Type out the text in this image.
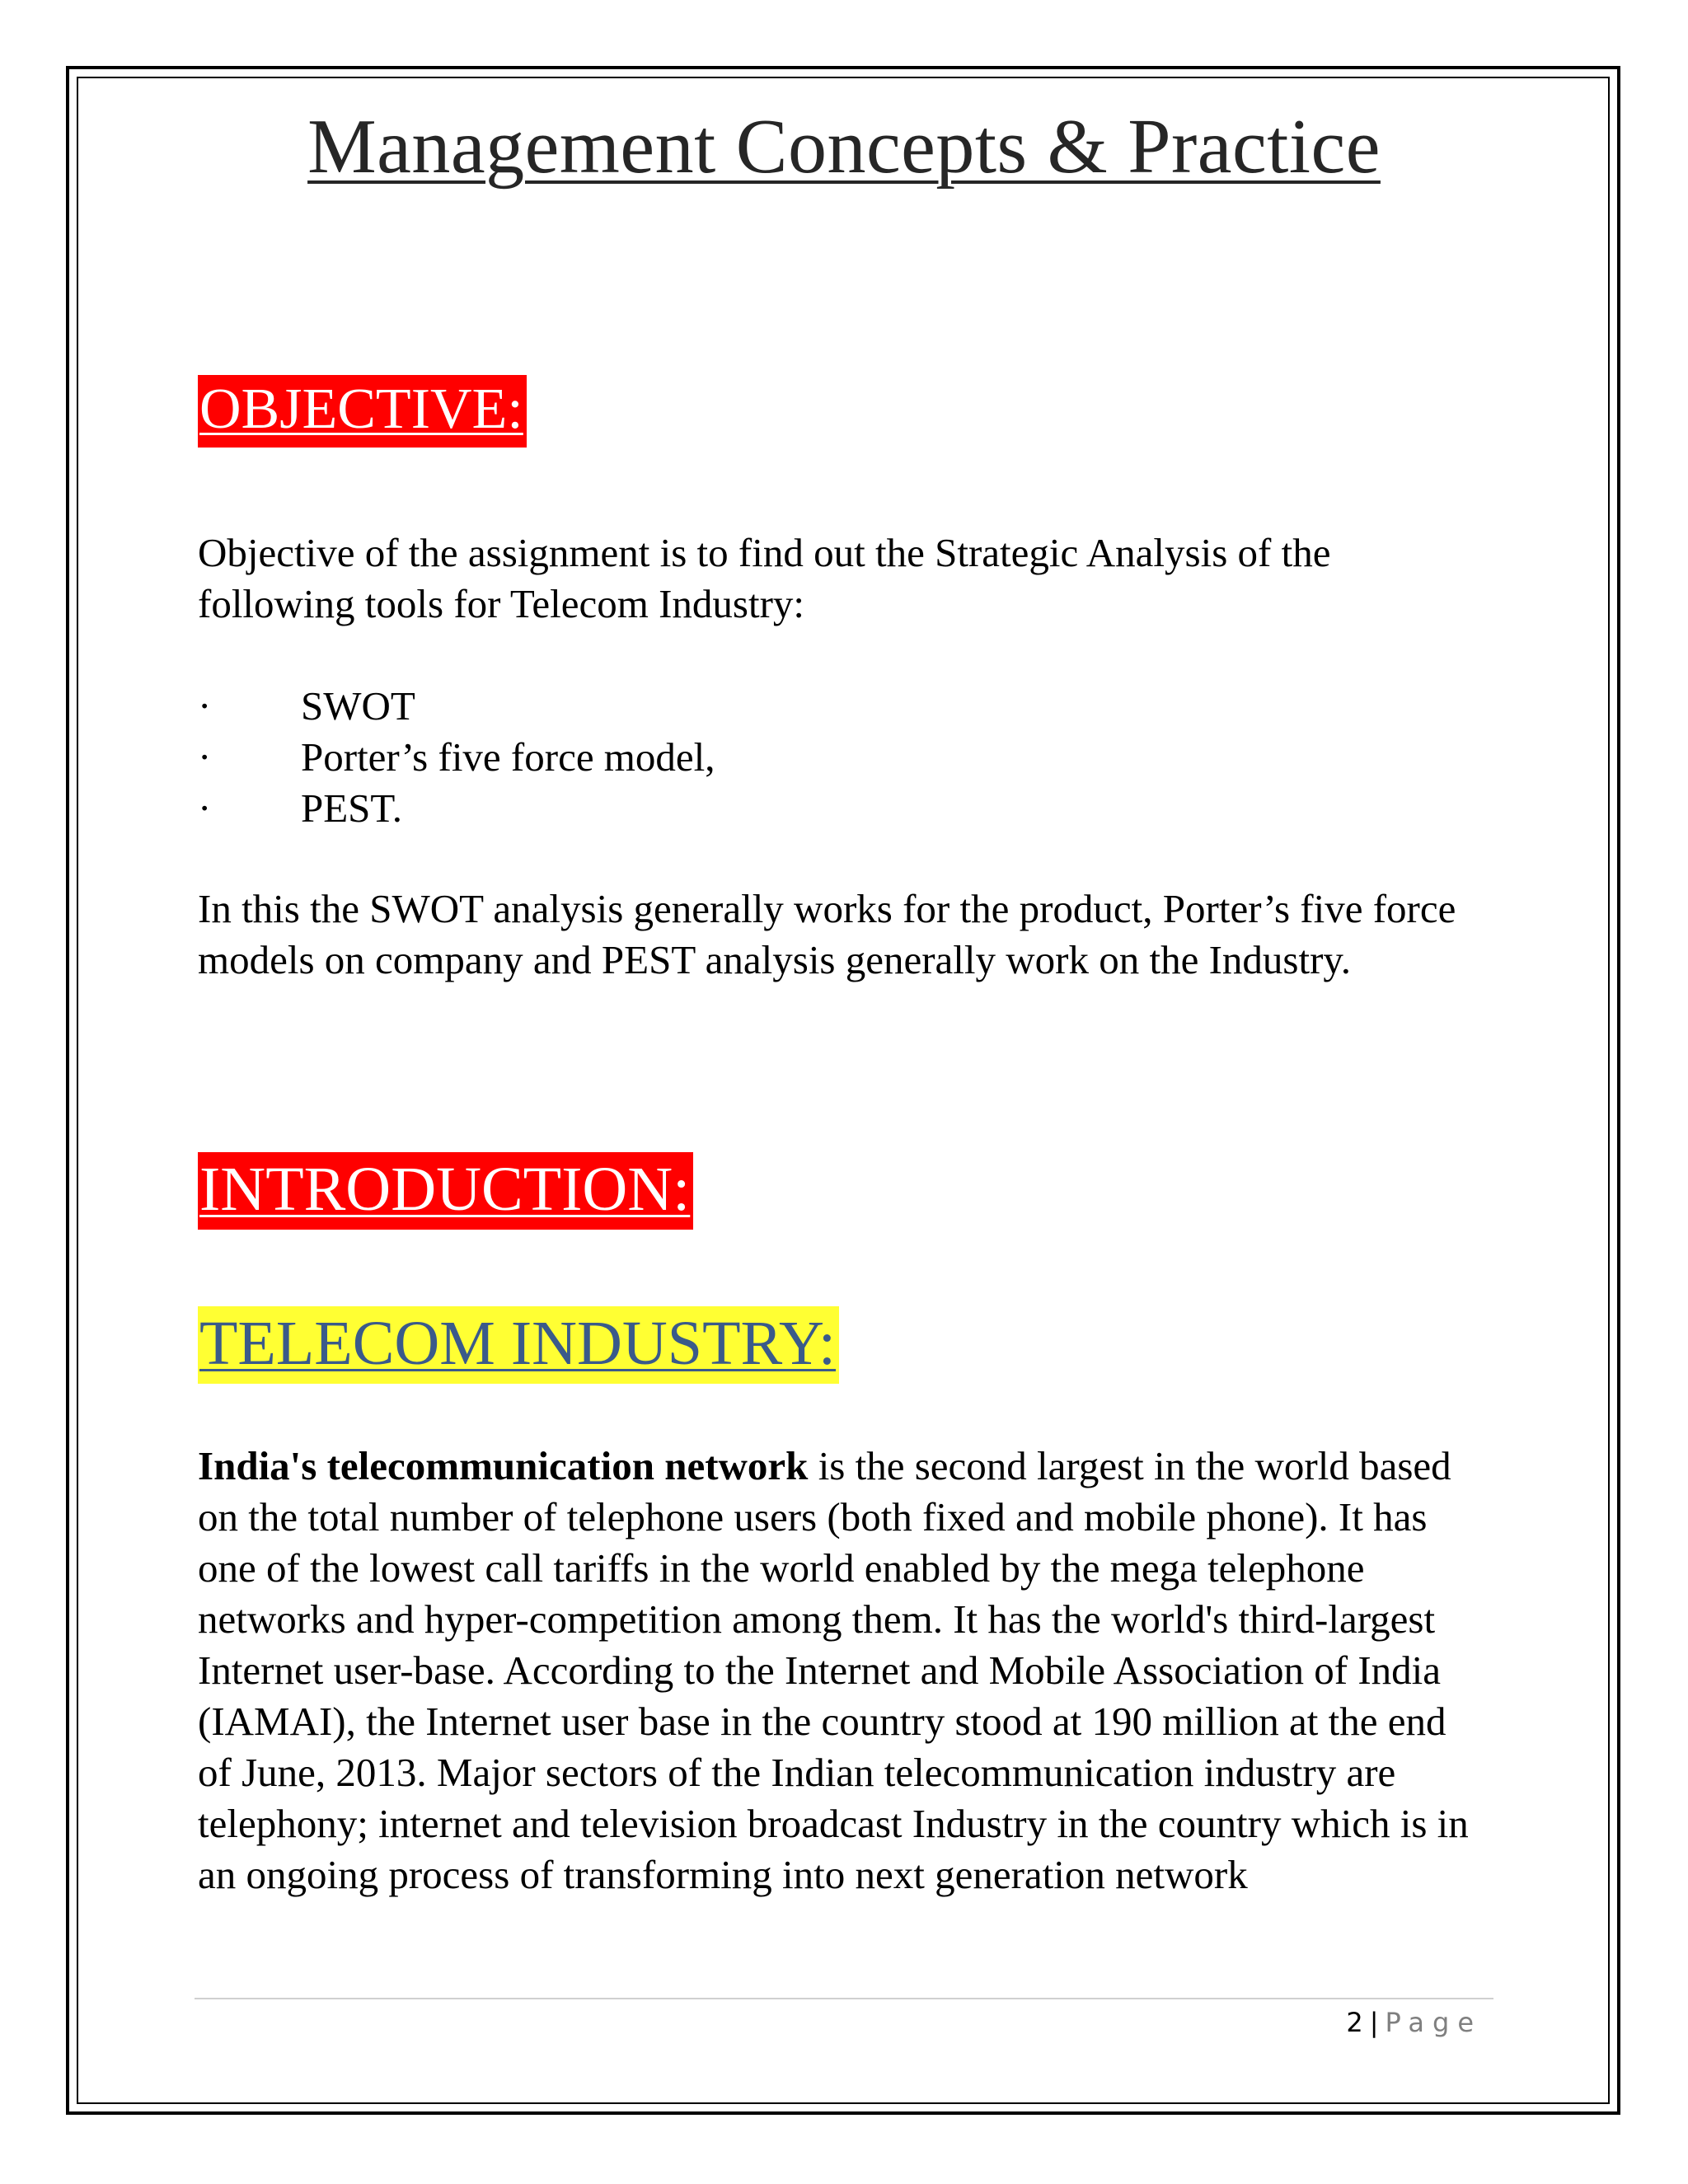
Management Concepts & Practice
OBJECTIVE:

Objective of the assignment is to find out the Strategic Analysis of the following tools for Telecom Industry:

·	SWOT
·	Porter’s five force model,
·	PEST.

In this the SWOT analysis generally works for the product, Porter’s five force models on company and PEST analysis generally work on the Industry.

INTRODUCTION:
TELECOM INDUSTRY:

India's telecommunication network is the second largest in the world based on the total number of telephone users (both fixed and mobile phone). It has one of the lowest call tariffs in the world enabled by the mega telephone networks and hyper-competition among them. It has the world's third-largest Internet user-base. According to the Internet and Mobile Association of India (IAMAI), the Internet user base in the country stood at 190 million at the end of June, 2013. Major sectors of the Indian telecommunication industry are telephony; internet and television broadcast Industry in the country which is in an ongoing process of transforming into next generation network

2 | Page
